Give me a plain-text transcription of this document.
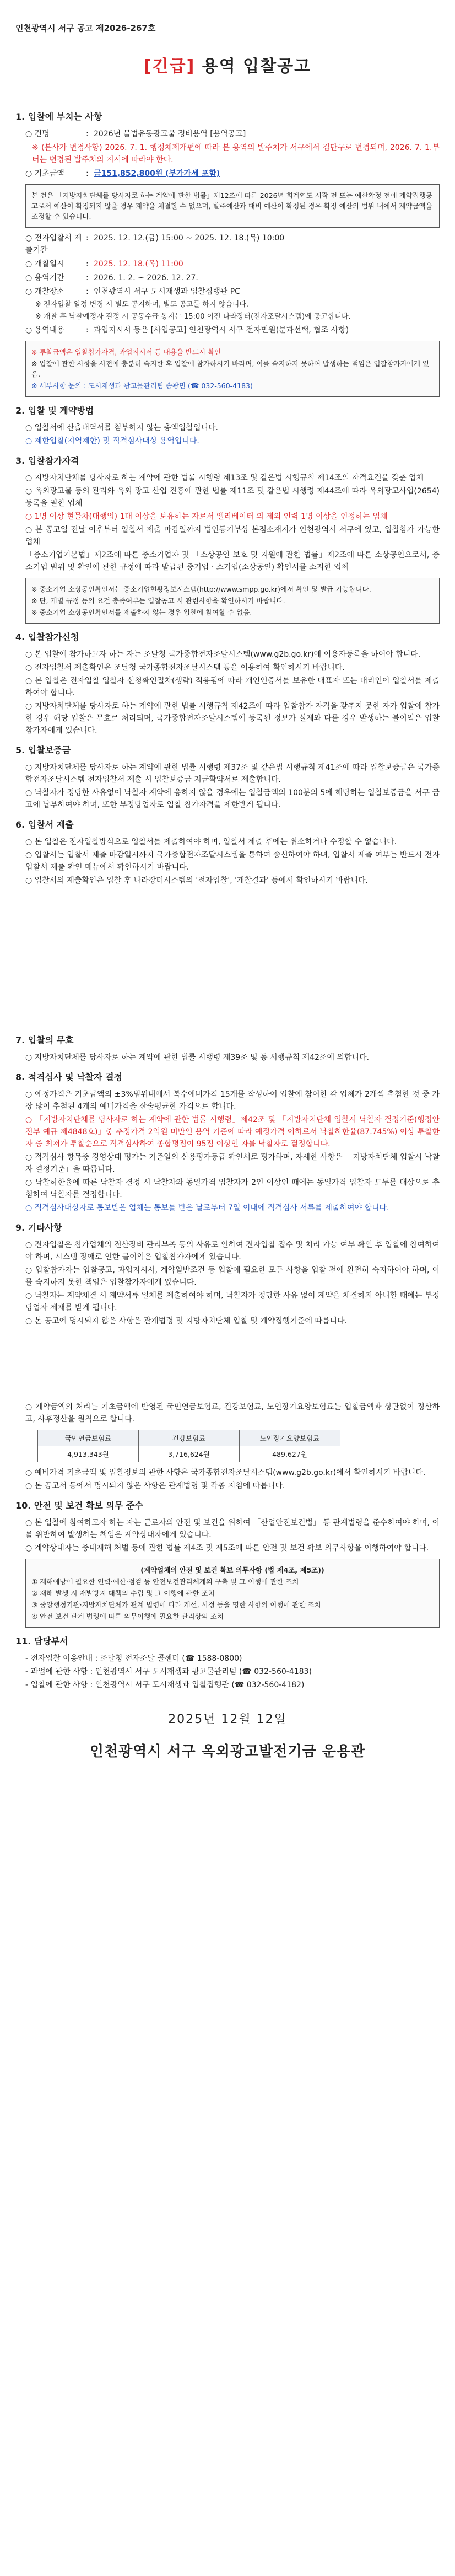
인천광역시 서구 공고 제2026-267호
[긴급] 용역 입찰공고
1. 입찰에 부치는 사항
○ 건명	: 2026년 불법유동광고물 정비용역 [용역공고]
※ (본사가 변경사항) 2026. 7. 1. 행정체제개편에 따라 본 용역의 발주처가 서구에서 검단구로 변경되며, 2026. 7. 1.부터는 변경된 발주처의 지시에 따라야 한다.
○ 기초금액	: 금151,852,800원 (부가가세 포함)

본 건은 「지방자치단체를 당사자로 하는 계약에 관한 법률」제12조에 따른 2026년 회계연도 시작 전 또는 예산확정 전에 계약집행공고로서 예산이 확정되지 않을 경우 계약을 체결할 수 없으며, 발주예산과 대비 예산이 확정된 경우 확정 예산의 범위 내에서 계약금액을 조정할 수 있습니다.

○ 전자입찰서 제출기간
: 2025. 12. 12.(금) 15:00 ~ 2025. 12. 18.(목) 10:00
○ 개찰일시	: 2025. 12. 18.(목) 11:00
○ 용역기간	: 2026. 1. 2. ~ 2026. 12. 27.
○ 개찰장소	: 인천광역시 서구 도시재생과 입찰집행관 PC
※ 전자입찰 일정 변경 시 별도 공지하며, 별도 공고를 하지 않습니다.
※ 개찰 후 낙찰예정자 결정 시 공동수급 통지는 15:00 이전 나라장터(전자조달시스템)에 공고합니다.
○ 용역내용	: 과업지시서 등은 [사업공고] 인천광역시 서구 전자민원(분과선택, 협조 사항)

※ 투찰금액은 입찰참가자격, 과업지시서 등 내용을 반드시 확인

※ 입찰에 관한 사항을 사전에 충분히 숙지한 후 입찰에 참가하시기 바라며, 이를 숙지하지 못하여 발생하는 책임은 입찰참가자에게 있음.

※ 세부사항 문의 : 도시재생과 광고물관리팀 송광민 (☎ 032-560-4183)

2. 입찰 및 계약방법
○ 입찰서에 산출내역서를 첨부하지 않는 총액입찰입니다.
○ 제한입찰(지역제한) 및 적격심사대상 용역입니다.
3. 입찰참가자격
○ 지방자치단체를 당사자로 하는 계약에 관한 법률 시행령 제13조 및 같은법 시행규칙 제14조의 자격요건을 갖춘 업체
○ 옥외광고물 등의 관리와 옥외 광고 산업 진흥에 관한 법률 제11조 및 같은법 시행령 제44조에 따라 옥외광고사업(2654) 등록을 필한 업체
○ 1명 이상 현물차(대행업) 1대 이상을 보유하는 자로서 엘리베이터 외 제외 인력 1명 이상을 인정하는 업체
○ 본 공고일 전날 이후부터 입찰서 제출 마감일까지 법인등기부상 본점소재지가 인천광역시 서구에 있고, 입찰참가 가능한 업체
「중소기업기본법」제2조에 따른 중소기업자 및 「소상공인 보호 및 지원에 관한 법률」제2조에 따른 소상공인으로서, 중소기업 범위 및 확인에 관한 규정에 따라 발급된 중기업 · 소기업(소상공인) 확인서를 소지한 업체

※ 중소기업 소상공인확인서는 중소기업현황정보시스템(http://www.smpp.go.kr)에서 확인 및 발급 가능합니다.

※ 단, 개별 규정 등의 요건 충족여부는 입찰공고 시 관련사항을 확인하시기 바랍니다.

※ 중소기업 소상공인확인서를 제출하지 않는 경우 입찰에 참여할 수 없음.

4. 입찰참가신청
○ 본 입찰에 참가하고자 하는 자는 조달청 국가종합전자조달시스템(www.g2b.go.kr)에 이용자등록을 하여야 합니다.
○ 전자입찰서 제출확인은 조달청 국가종합전자조달시스템 등을 이용하여 확인하시기 바랍니다.
○ 본 입찰은 전자입찰 입찰자 신청확인절차(생략) 적용됨에 따라 개인인증서를 보유한 대표자 또는 대리인이 입찰서를 제출하여야 합니다.
○ 지방자치단체를 당사자로 하는 계약에 관한 법률 시행규칙 제42조에 따라 입찰참가 자격을 갖추지 못한 자가 입찰에 참가한 경우 해당 입찰은 무효로 처리되며, 국가종합전자조달시스템에 등록된 정보가 실제와 다를 경우 발생하는 불이익은 입찰참가자에게 있습니다.
5. 입찰보증금
○ 지방자치단체를 당사자로 하는 계약에 관한 법률 시행령 제37조 및 같은법 시행규칙 제41조에 따라 입찰보증금은 국가종합전자조달시스템 전자입찰서 제출 시 입찰보증금 지급확약서로 제출합니다.
○ 낙찰자가 정당한 사유없이 낙찰자 계약에 응하지 않을 경우에는 입찰금액의 100분의 5에 해당하는 입찰보증금을 서구 금고에 납부하여야 하며, 또한 부정당업자로 입찰 참가자격을 제한받게 됩니다.
6. 입찰서 제출
○ 본 입찰은 전자입찰방식으로 입찰서를 제출하여야 하며, 입찰서 제출 후에는 취소하거나 수정할 수 없습니다.
○ 입찰서는 입찰서 제출 마감일시까지 국가종합전자조달시스템을 통하여 송신하여야 하며, 입찰서 제출 여부는 반드시 전자입찰서 제출 확인 메뉴에서 확인하시기 바랍니다.
○ 입찰서의 제출확인은 입찰 후 나라장터시스템의 '전자입찰', '개찰결과' 등에서 확인하시기 바랍니다.
7. 입찰의 무효
○ 지방자치단체를 당사자로 하는 계약에 관한 법률 시행령 제39조 및 동 시행규칙 제42조에 의합니다.
8. 적격심사 및 낙찰자 결정
○ 예정가격은 기초금액의 ±3%범위내에서 복수예비가격 15개를 작성하여 입찰에 참여한 각 업체가 2개씩 추첨한 것 중 가장 많이 추첨된 4개의 예비가격을 산술평균한 가격으로 합니다.
○ 「지방자치단체를 당사자로 하는 계약에 관한 법률 시행령」제42조 및 「지방자치단체 입찰시 낙찰자 결정기준(행정안전부 예규 제4848호)」중 추정가격 2억원 미만인 용역 기준에 따라 예정가격 이하로서 낙찰하한율(87.745%) 이상 투찰한 자 중 최저가 투찰순으로 적격심사하여 종합평점이 95점 이상인 자를 낙찰자로 결정합니다.
○ 적격심사 항목중 경영상태 평가는 기준일의 신용평가등급 확인서로 평가하며, 자세한 사항은 「지방자치단체 입찰시 낙찰자 결정기준」을 따릅니다.
○ 낙찰하한율에 따른 낙찰자 결정 시 낙찰자와 동일가격 입찰자가 2인 이상인 때에는 동일가격 입찰자 모두를 대상으로 추첨하여 낙찰자를 결정합니다.
○ 적격심사대상자로 통보받은 업체는 통보를 받은 날로부터 7일 이내에 적격심사 서류를 제출하여야 합니다.
9. 기타사항
○ 전자입찰은 참가업체의 전산장비 관리부족 등의 사유로 인하여 전자입찰 접수 및 처리 가능 여부 확인 후 입찰에 참여하여야 하며, 시스템 장애로 인한 불이익은 입찰참가자에게 있습니다.
○ 입찰참가자는 입찰공고, 과업지시서, 계약일반조건 등 입찰에 필요한 모든 사항을 입찰 전에 완전히 숙지하여야 하며, 이를 숙지하지 못한 책임은 입찰참가자에게 있습니다.
○ 낙찰자는 계약체결 시 계약서류 일체를 제출하여야 하며, 낙찰자가 정당한 사유 없이 계약을 체결하지 아니할 때에는 부정당업자 제재를 받게 됩니다.
○ 본 공고에 명시되지 않은 사항은 관계법령 및 지방자치단체 입찰 및 계약집행기준에 따릅니다.
○ 계약금액의 처리는 기초금액에 반영된 국민연금보험료, 건강보험료, 노인장기요양보험료는 입찰금액과 상관없이 정산하고, 사후정산을 원칙으로 합니다.
국민연금보험료	건강보험료	노인장기요양보험료
4,913,343원	3,716,624원	489,627원
○ 예비가격 기초금액 및 입찰정보의 관한 사항은 국가종합전자조달시스템(www.g2b.go.kr)에서 확인하시기 바랍니다.
○ 본 공고서 등에서 명시되지 않은 사항은 관계법령 및 각종 지침에 따릅니다.
10. 안전 및 보건 확보 의무 준수
○ 본 입찰에 참여하고자 하는 자는 근로자의 안전 및 보건을 위하여 「산업안전보건법」 등 관계법령을 준수하여야 하며, 이를 위반하여 발생하는 책임은 계약상대자에게 있습니다.
○ 계약상대자는 중대재해 처벌 등에 관한 법률 제4조 및 제5조에 따른 안전 및 보건 확보 의무사항을 이행하여야 합니다.

(계약업체의 안전 및 보건 확보 의무사항 (법 제4조, 제5조))

① 재해예방에 필요한 인력·예산·점검 등 안전보건관리체계의 구축 및 그 이행에 관한 조치

② 재해 발생 시 재발방지 대책의 수립 및 그 이행에 관한 조치

③ 중앙행정기관·지방자치단체가 관계 법령에 따라 개선, 시정 등을 명한 사항의 이행에 관한 조치

④ 안전 보건 관계 법령에 따른 의무이행에 필요한 관리상의 조치

11. 담당부서
- 전자입찰 이용안내 : 조달청 전자조달 콜센터 (☎ 1588-0800)
- 과업에 관한 사항 : 인천광역시 서구 도시재생과 광고물관리팀 (☎ 032-560-4183)
- 입찰에 관한 사항 : 인천광역시 서구 도시재생과 입찰집행관 (☎ 032-560-4182)
2025년 12월 12일
인천광역시 서구 옥외광고발전기금 운용관
